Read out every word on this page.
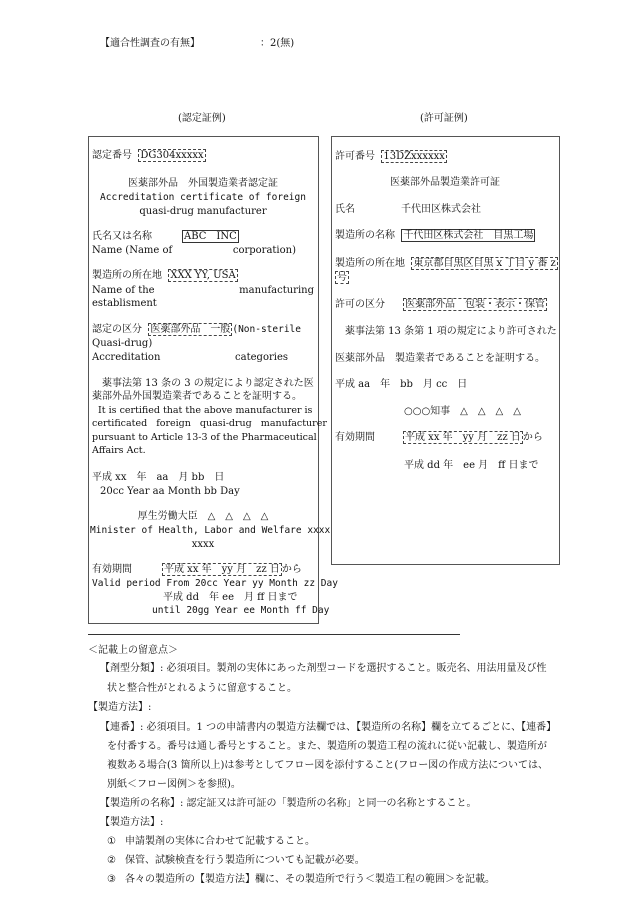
【適合性調査の有無】	：2(無)
(認定証例)	(許可証例)
認定番号 DG304xxxxx
医薬部外品　外国製造業者認定証
Accreditation certificate of foreign
quasi-drug manufacturer
氏名又は名称	ABC　INC
Name (Name of	corporation)
製造所の所在地 XXX YY, USA
Name of the	manufacturing
establisment
認定の区分 医薬部外品　一般 (Non-sterile
Quasi-drug)
Accreditation	categories
　薬事法第 13 条の 3 の規定により認定された医
薬部外品外国製造業者であることを証明する。
It is certified that the above manufacturer is
certificated   foreign   quasi-drug   manufacturer
pursuant to Article 13-3 of the Pharmaceutical
Affairs Act.
平成 xx　年　aa　月 bb　日
20cc Year aa Month bb Day
厚生労働大臣　△　△　△　△
Minister of Health, Labor and Welfare xxxx
xxxx
有効期間	平成 xx 年　yy 月　zz 日 から
Valid period From 20cc Year yy Month zz Day
平成 dd　年 ee　月 ff 日まで
until 20gg Year ee Month ff Day
許可番号 13DZxxxxxx
医薬部外品製造業許可証
氏名	千代田区株式会社
製造所の名称 千代田区株式会社　目黒工場
製造所の所在地 東京都目黒区目黒 x 丁目 y 番 z
号
許可の区分 医薬部外品　包装・表示・保管
　薬事法第 13 条第 1 項の規定により許可された
医薬部外品　製造業者であることを証明する。
平成 aa　年　bb　月 cc　日
○○○知事　△　△　△　△
有効期間	平成 xx 年　yy 月　zz 日 から
平成 dd 年　ee 月　ff 日まで
＜記載上の留意点＞
【剤型分類】: 必須項目。製剤の実体にあった剤型コードを選択すること。販売名、用法用量及び性
状と整合性がとれるように留意すること。
【製造方法】:
【連番】: 必須項目。1 つの申請書内の製造方法欄では、【製造所の名称】欄を立てるごとに、【連番】
を付番する。番号は通し番号とすること。また、製造所の製造工程の流れに従い記載し、製造所が
複数ある場合(3 箇所以上)は参考としてフロー図を添付すること(フロー図の作成方法については、
別紙＜フロー図例＞を参照)。
【製造所の名称】: 認定証又は許可証の「製造所の名称」と同一の名称とすること。
【製造方法】:
① 申請製剤の実体に合わせて記載すること。
② 保管、試験検査を行う製造所についても記載が必要。
③ 各々の製造所の【製造方法】欄に、その製造所で行う＜製造工程の範囲＞を記載。
